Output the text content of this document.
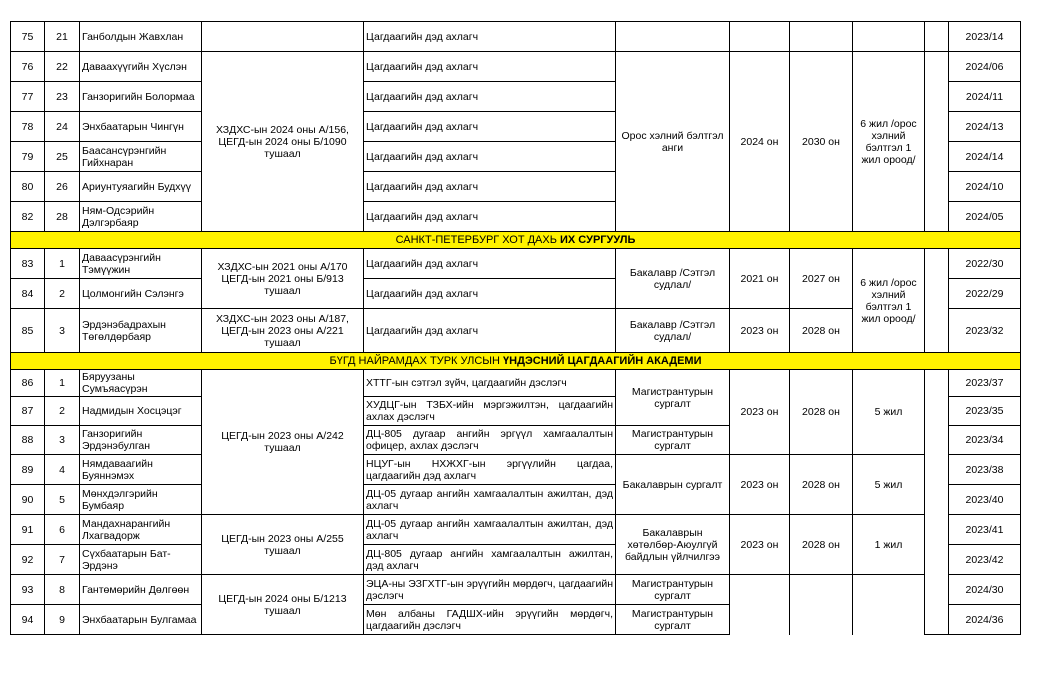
75	21	Ганболдын Жавхлан		Цагдаагийн дэд ахлагч						2023/14
76	22	Даваахүүгийн Хүслэн	ХЗДХС-ын 2024 оны А/156, ЦЕГД-ын 2024 оны Б/1090 тушаал	Цагдаагийн дэд ахлагч	Орос хэлний бэлтгэл анги	2024 он	2030 он	6 жил /орос хэлний бэлтгэл 1 жил ороод/		2024/06
77	23	Ганзоригийн Болормаа		Цагдаагийн дэд ахлагч						2024/11
78	24	Энхбаатарын Чингүн		Цагдаагийн дэд ахлагч						2024/13
79	25	Баасансүрэнгийн Гийхнаран		Цагдаагийн дэд ахлагч						2024/14
80	26	Ариунтуяагийн Будхүү		Цагдаагийн дэд ахлагч						2024/10
82	28	Ням-Одсэрийн Дэлгэрбаяр		Цагдаагийн дэд ахлагч						2024/05
САНКТ-ПЕТЕРБУРГ ХОТ ДАХЬ ИХ СУРГУУЛЬ										
83	1	Даваасүрэнгийн Тэмүүжин	ХЗДХС-ын 2021 оны А/170 ЦЕГД-ын 2021 оны Б/913 тушаал	Цагдаагийн дэд ахлагч	Бакалавр /Сэтгэл судлал/	2021 он	2027 он	6 жил /орос хэлний бэлтгэл 1 жил ороод/		2022/30
84	2	Цолмонгийн Сэлэнгэ		Цагдаагийн дэд ахлагч						2022/29
85	3	Эрдэнэбадрахын Төгөлдөрбаяр	ХЗДХС-ын 2023 оны А/187, ЦЕГД-ын 2023 оны А/221 тушаал	Цагдаагийн дэд ахлагч	Бакалавр /Сэтгэл судлал/	2023 он	2028 он			2023/32
БҮГД НАЙРАМДАХ ТУРК УЛСЫН ҮНДЭСНИЙ ЦАГДААГИЙН АКАДЕМИ										
86	1	Бяруузаны Сумъяасүрэн	ЦЕГД-ын 2023 оны А/242 тушаал	ХТТГ-ын сэтгэл зүйч, цагдаагийн дэслэгч	Магистрантурын сургалт	2023 он	2028 он	5 жил		2023/37
87	2	Надмидын Хосцэцэг		ХУДЦГ-ын ТЗБХ-ийн мэргэжилтэн, цагдаагийн ахлах дэслэгч						2023/35
88	3	Ганзоригийн Эрдэнэбулган		ДЦ-805 дугаар ангийн эргүүл хамгаалалтын офицер, ахлах дэслэгч	Магистрантурын сургалт					2023/34
89	4	Нямдаваагийн Буяннэмэх		НЦУГ-ын НХЖХГ-ын эргүүлийн цагдаа, цагдаагийн дэд ахлагч	Бакалаврын сургалт	2023 он	2028 он	5 жил		2023/38
90	5	Мөнхдэлгэрийн Бумбаяр		ДЦ-05 дугаар ангийн хамгаалалтын ажилтан, дэд ахлагч						2023/40
91	6	Мандахнарангийн Лхагвадорж	ЦЕГД-ын 2023 оны А/255 тушаал	ДЦ-05 дугаар ангийн хамгаалалтын ажилтан, дэд ахлагч	Бакалаврын хөтөлбөр-Аюулгүй байдлын үйлчилгээ	2023 он	2028 он	1 жил		2023/41
92	7	Сүхбаатарын Бат-Эрдэнэ		ДЦ-805 дугаар ангийн хамгаалалтын ажилтан, дэд ахлагч						2023/42
93	8	Гантөмөрийн Дөлгөөн	ЦЕГД-ын 2024 оны Б/1213 тушаал	ЭЦА-ны ЭЗГХТГ-ын эрүүгийн мөрдөгч, цагдаагийн дэслэгч	Магистрантурын сургалт					2024/30
94	9	Энхбаатарын Булгамаа		Мөн албаны ГАДШХ-ийн эрүүгийн мөрдөгч, цагдаагийн дэслэгч	Магистрантурын сургалт					2024/36
